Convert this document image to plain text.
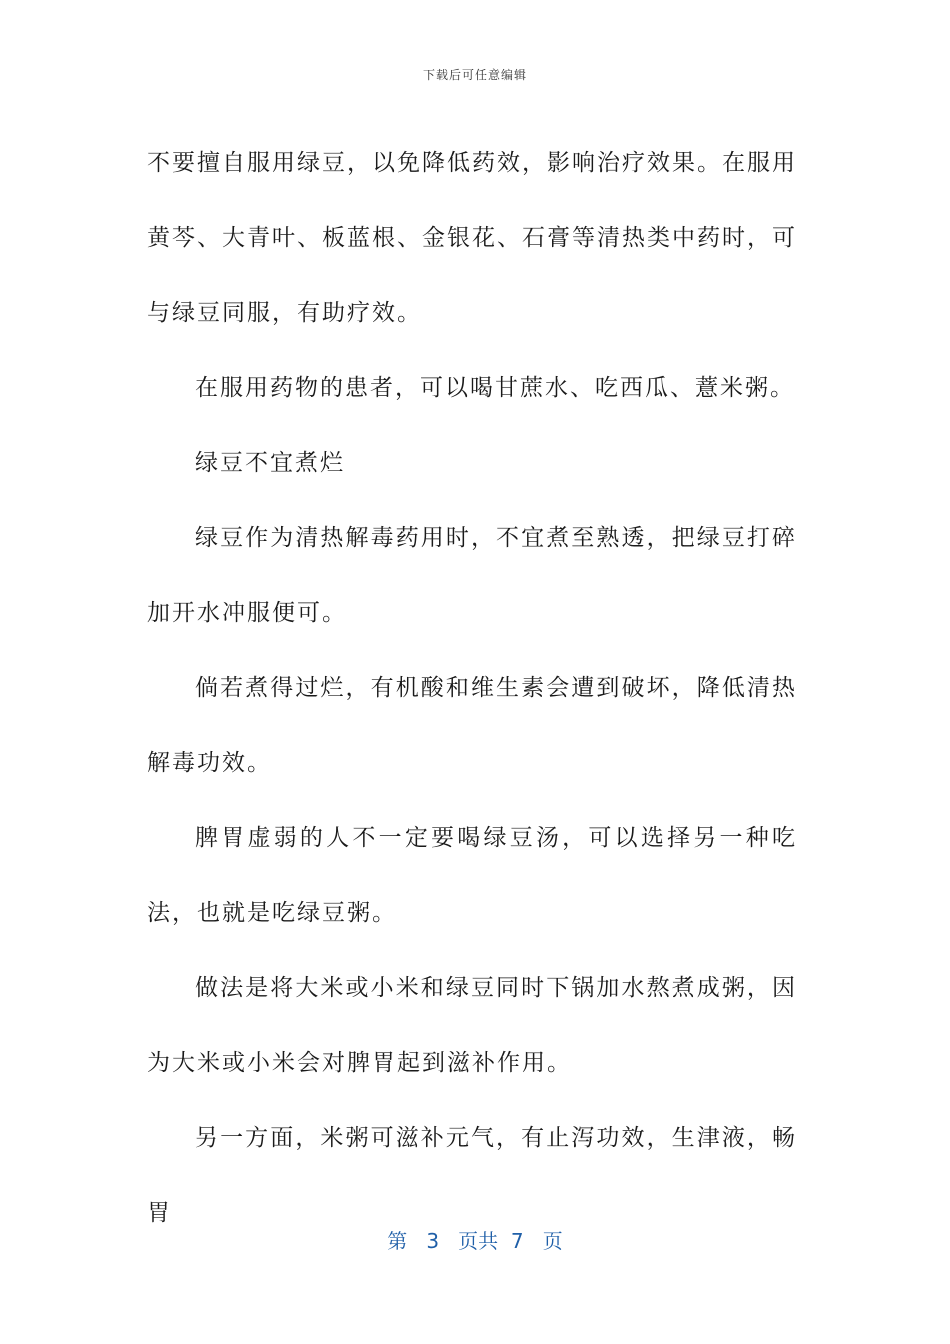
下载后可任意编辑

不要擅自服用绿豆，以免降低药效，影响治疗效果。在服用黄芩、大青叶、板蓝根、金银花、石膏等清热类中药时，可与绿豆同服，有助疗效。

在服用药物的患者，可以喝甘蔗水、吃西瓜、薏米粥。

绿豆不宜煮烂

绿豆作为清热解毒药用时，不宜煮至熟透，把绿豆打碎加开水冲服便可。

倘若煮得过烂，有机酸和维生素会遭到破坏，降低清热解毒功效。

脾胃虚弱的人不一定要喝绿豆汤，可以选择另一种吃法，也就是吃绿豆粥。

做法是将大米或小米和绿豆同时下锅加水熬煮成粥，因为大米或小米会对脾胃起到滋补作用。

另一方面，米粥可滋补元气，有止泻功效，生津液，畅胃

第 3 页共 7 页
